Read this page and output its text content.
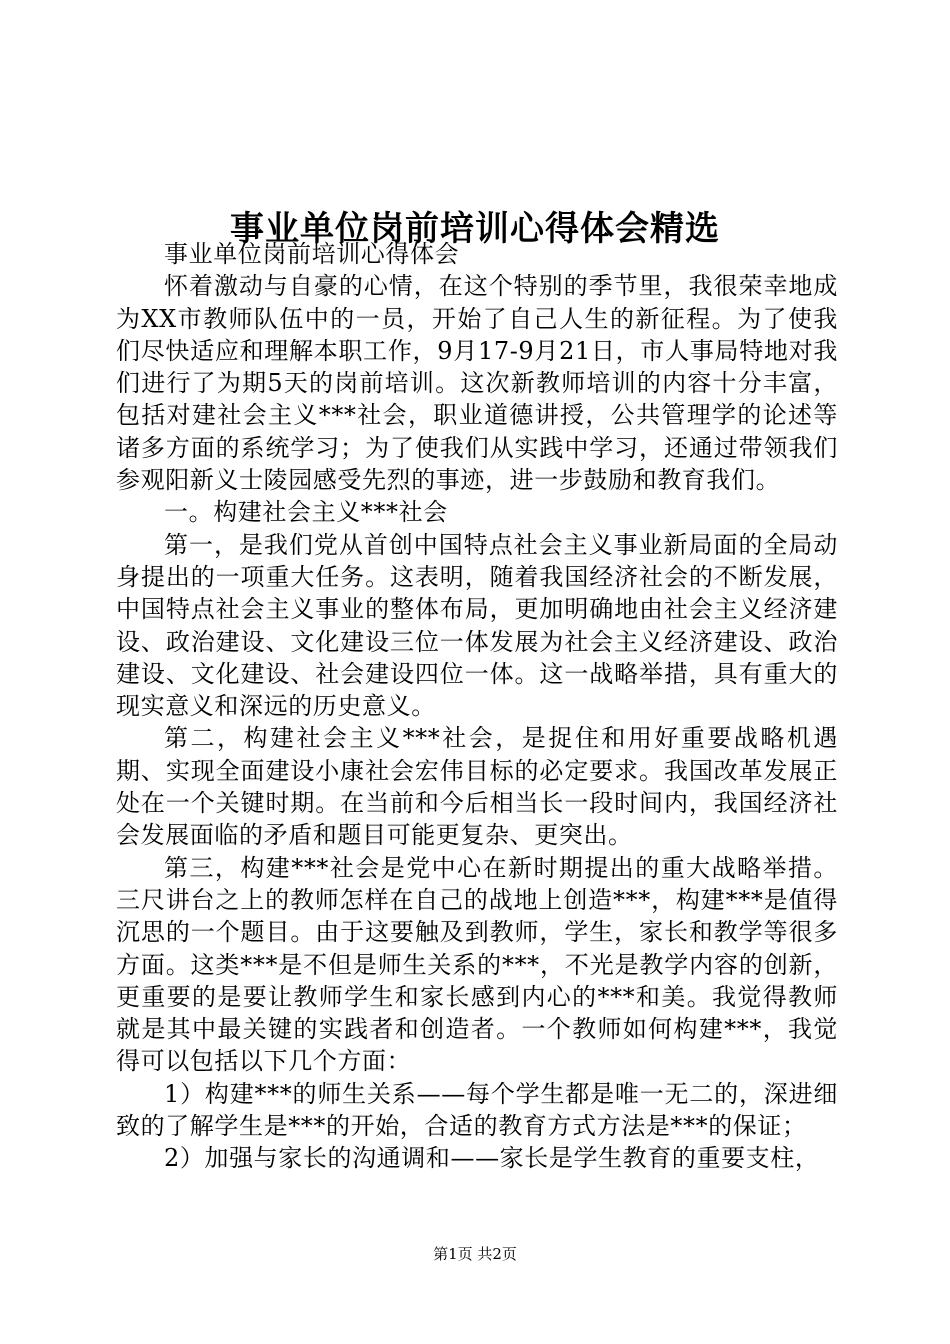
事业单位岗前培训心得体会精选

事业单位岗前培训心得体会

怀着激动与自豪的心情，在这个特别的季节里，我很荣幸地成为XX市教师队伍中的一员，开始了自己人生的新征程。为了使我们尽快适应和理解本职工作，9月17-9月21日，市人事局特地对我们进行了为期5天的岗前培训。这次新教师培训的内容十分丰富，包括对建社会主义***社会，职业道德讲授，公共管理学的论述等诸多方面的系统学习；为了使我们从实践中学习，还通过带领我们参观阳新义士陵园感受先烈的事迹，进一步鼓励和教育我们。

一。构建社会主义***社会

第一，是我们党从首创中国特点社会主义事业新局面的全局动身提出的一项重大任务。这表明，随着我国经济社会的不断发展，中国特点社会主义事业的整体布局，更加明确地由社会主义经济建设、政治建设、文化建设三位一体发展为社会主义经济建设、政治建设、文化建设、社会建设四位一体。这一战略举措，具有重大的现实意义和深远的历史意义。

第二，构建社会主义***社会，是捉住和用好重要战略机遇期、实现全面建设小康社会宏伟目标的必定要求。我国改革发展正处在一个关键时期。在当前和今后相当长一段时间内，我国经济社会发展面临的矛盾和题目可能更复杂、更突出。

第三，构建***社会是党中心在新时期提出的重大战略举措。三尺讲台之上的教师怎样在自己的战地上创造***，构建***是值得沉思的一个题目。由于这要触及到教师，学生，家长和教学等很多方面。这类***是不但是师生关系的***，不光是教学内容的创新，更重要的是要让教师学生和家长感到内心的***和美。我觉得教师就是其中最关键的实践者和创造者。一个教师如何构建***，我觉得可以包括以下几个方面：

1）构建***的师生关系——每个学生都是唯一无二的，深进细致的了解学生是***的开始，合适的教育方式方法是***的保证；

2）加强与家长的沟通调和——家长是学生教育的重要支柱，

第1页 共2页
